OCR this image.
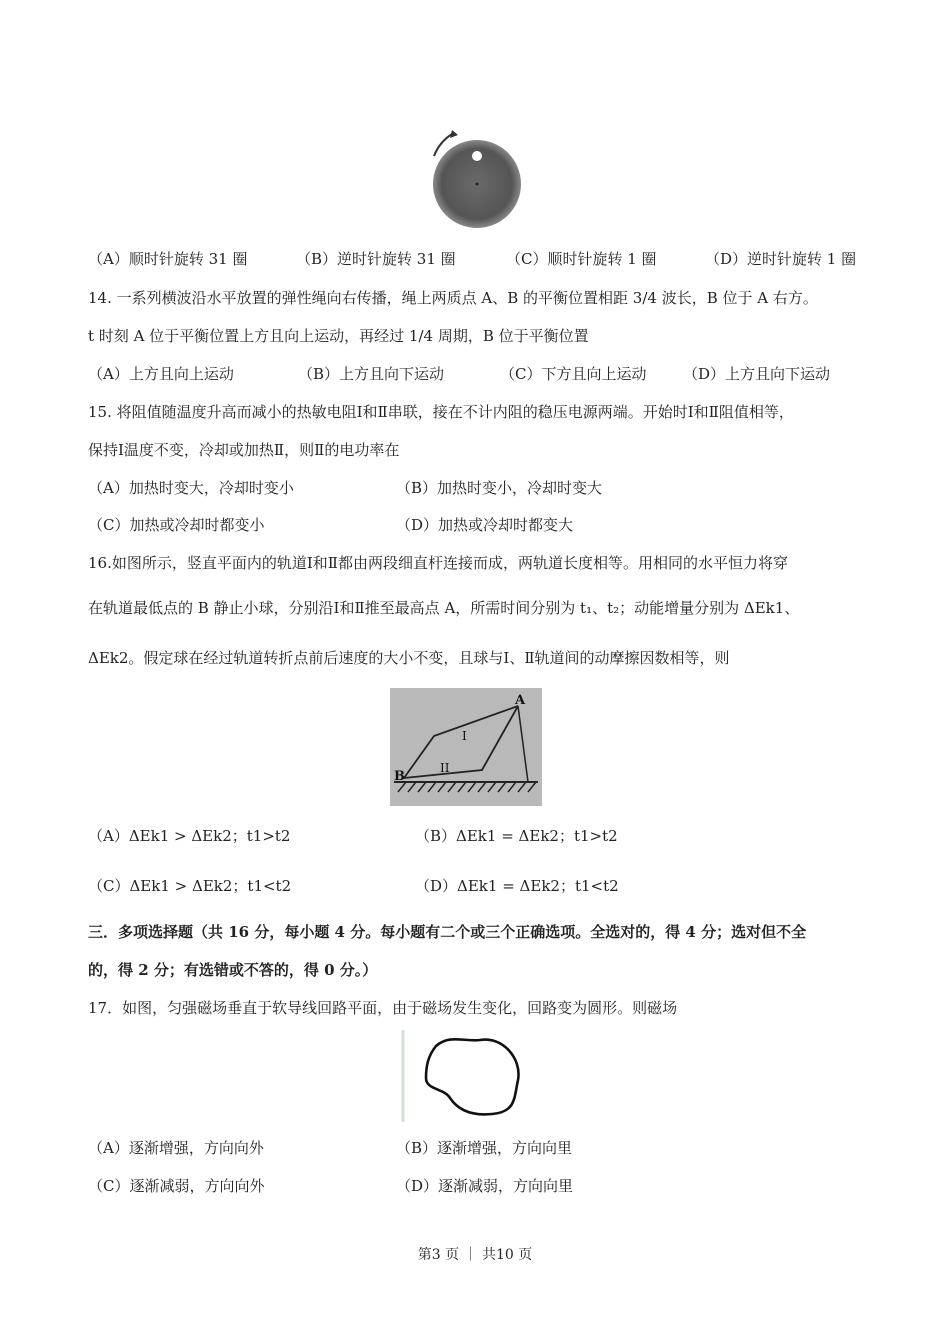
（A）顺时针旋转 31 圈	（B）逆时针旋转 31 圈	（C）顺时针旋转 1 圈	（D）逆时针旋转 1 圈
14. 一系列横波沿水平放置的弹性绳向右传播，绳上两质点 A、B 的平衡位置相距 3/4 波长，B 位于 A 右方。
t 时刻 A 位于平衡位置上方且向上运动，再经过 1/4 周期，B 位于平衡位置
（A）上方且向上运动	（B）上方且向下运动	（C）下方且向上运动 （D）上方且向下运动
15. 将阻值随温度升高而减小的热敏电阻Ⅰ和Ⅱ串联，接在不计内阻的稳压电源两端。开始时Ⅰ和Ⅱ阻值相等，
保持Ⅰ温度不变，冷却或加热Ⅱ，则Ⅱ的电功率在
（A）加热时变大，冷却时变小	（B）加热时变小，冷却时变大
（C）加热或冷却时都变小	（D）加热或冷却时都变大
16.如图所示，竖直平面内的轨道Ⅰ和Ⅱ都由两段细直杆连接而成，两轨道长度相等。用相同的水平恒力将穿
在轨道最低点的 B 静止小球，分别沿Ⅰ和Ⅱ推至最高点 A，所需时间分别为 t₁、t₂；动能增量分别为 ΔEk1、
ΔEk2。假定球在经过轨道转折点前后速度的大小不变，且球与Ⅰ、Ⅱ轨道间的动摩擦因数相等，则
A
B
I
II
（A）ΔEk1 > ΔEk2；t1>t2	（B）ΔEk1 = ΔEk2；t1>t2
（C）ΔEk1 > ΔEk2；t1<t2	（D）ΔEk1 = ΔEk2；t1<t2
三．多项选择题（共 16 分，每小题 4 分。每小题有二个或三个正确选项。全选对的，得 4 分；选对但不全
的，得 2 分；有选错或不答的，得 0 分。）
17．如图，匀强磁场垂直于软导线回路平面，由于磁场发生变化，回路变为圆形。则磁场
（A）逐渐增强，方向向外	（B）逐渐增强，方向向里
（C）逐渐减弱，方向向外	（D）逐渐减弱，方向向里
第3 页 ｜ 共10 页
